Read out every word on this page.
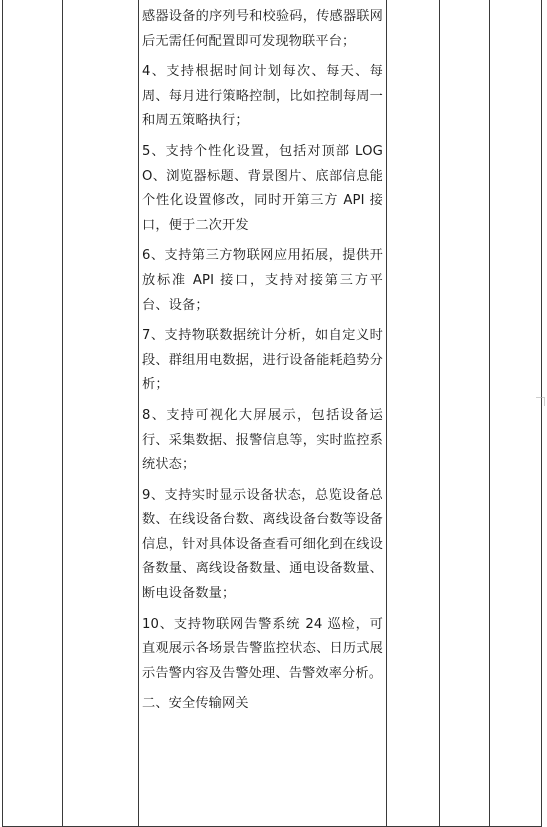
感器设备的序列号和校验码，传感器联网后无需任何配置即可发现物联平台；

4、支持根据时间计划每次、每天、每周、每月进行策略控制，比如控制每周一和周五策略执行；

5、支持个性化设置，包括对顶部 LOGO、浏览器标题、背景图片、底部信息能个性化设置修改，同时开第三方 API 接口，便于二次开发

6、支持第三方物联网应用拓展，提供开放标准 API 接口，支持对接第三方平台、设备；

7、支持物联数据统计分析，如自定义时段、群组用电数据，进行设备能耗趋势分析；

8、支持可视化大屏展示，包括设备运行、采集数据、报警信息等，实时监控系统状态；

9、支持实时显示设备状态，总览设备总数、在线设备台数、离线设备台数等设备信息，针对具体设备查看可细化到在线设备数量、离线设备数量、通电设备数量、断电设备数量；

10、支持物联网告警系统 24 巡检，可直观展示各场景告警监控状态、日历式展示告警内容及告警处理、告警效率分析。

二、安全传输网关
